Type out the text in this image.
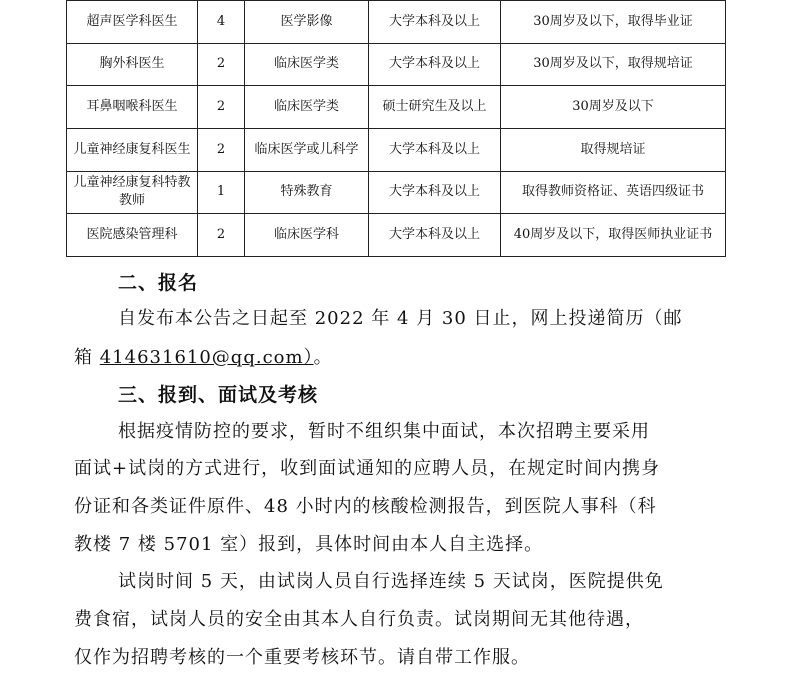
超声医学科医生	4	医学影像	大学本科及以上	30周岁及以下，取得毕业证
胸外科医生	2	临床医学类	大学本科及以上	30周岁及以下，取得规培证
耳鼻咽喉科医生	2	临床医学类	硕士研究生及以上	30周岁及以下
儿童神经康复科医生	2	临床医学或儿科学	大学本科及以上	取得规培证
儿童神经康复科特教教师	1	特殊教育	大学本科及以上	取得教师资格证、英语四级证书
医院感染管理科	2	临床医学科	大学本科及以上	40周岁及以下，取得医师执业证书
二、报名
自发布本公告之日起至 2022 年 4 月 30 日止，网上投递简历（邮
箱 414631610@qq.com）。
三、报到、面试及考核
根据疫情防控的要求，暂时不组织集中面试，本次招聘主要采用
面试+试岗的方式进行，收到面试通知的应聘人员，在规定时间内携身
份证和各类证件原件、48 小时内的核酸检测报告，到医院人事科（科
教楼 7 楼 5701 室）报到，具体时间由本人自主选择。
试岗时间 5 天，由试岗人员自行选择连续 5 天试岗，医院提供免
费食宿，试岗人员的安全由其本人自行负责。试岗期间无其他待遇，
仅作为招聘考核的一个重要考核环节。请自带工作服。
